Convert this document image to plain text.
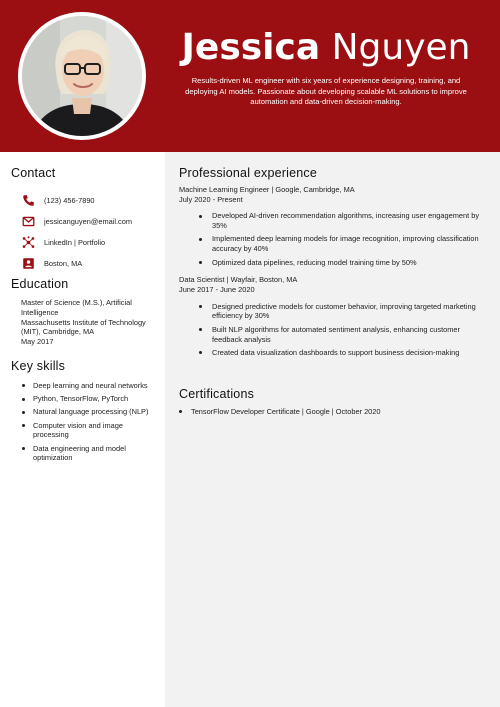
Jessica Nguyen
Results-driven ML engineer with six years of experience designing, training, and deploying AI models. Passionate about developing scalable ML solutions to improve automation and data-driven decision-making.
Contact
(123) 456-7890
jessicanguyen@email.com
LinkedIn | Portfolio
Boston, MA
Education
Master of Science (M.S.), Artificial Intelligence
Massachusetts Institute of Technology (MIT), Cambridge, MA
May 2017
Key skills
Deep learning and neural networks
Python, TensorFlow, PyTorch
Natural language processing (NLP)
Computer vision and image processing
Data engineering and model optimization
Professional experience
Machine Learning Engineer | Google, Cambridge, MA
July 2020 - Present
Developed AI-driven recommendation algorithms, increasing user engagement by 35%
Implemented deep learning models for image recognition, improving classification accuracy by 40%
Optimized data pipelines, reducing model training time by 50%
Data Scientist | Wayfair, Boston, MA
June 2017 - June 2020
Designed predictive models for customer behavior, improving targeted marketing efficiency by 30%
Built NLP algorithms for automated sentiment analysis, enhancing customer feedback analysis
Created data visualization dashboards to support business decision-making
Certifications
TensorFlow Developer Certificate | Google | October 2020
